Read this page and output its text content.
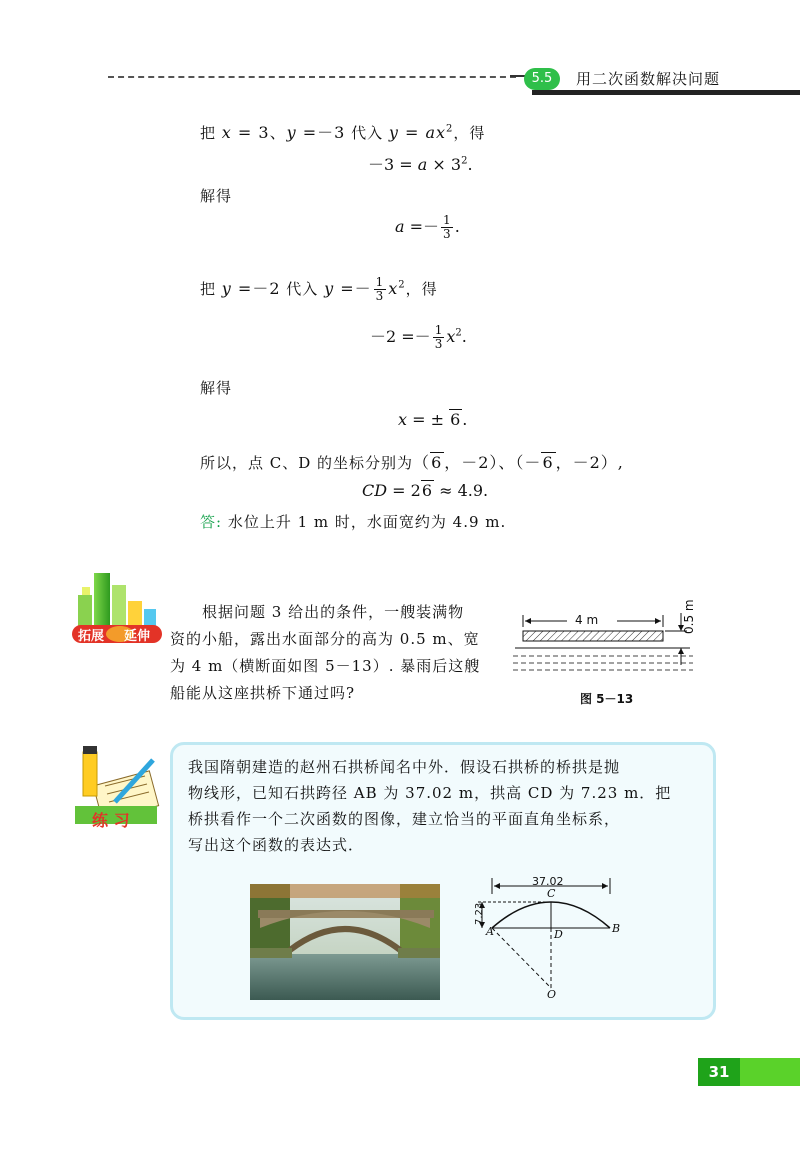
5.5	用二次函数解决问题
把 x = 3、y =－3 代入 $y = ax^2$，得
$-3 = a \times 3^2$.
解得
$a =- \frac{1}{3}$ .
把 y =－2 代入 $y =- \frac{1}{3} x^2$，得
$-2 =- \frac{1}{3} x^2$.
解得
x = ± 6 .
所以，点 C、D 的坐标分别为（6 ，－2）、（－6 ，－2）,
CD = 26 ≈ 4.9.
答: 水位上升 1 m 时，水面宽约为 4.9 m.
拓展 延伸
根据问题 3 给出的条件，一艘装满物
资的小船，露出水面部分的高为 0.5 m、宽
为 4 m（横断面如图 5－13）. 暴雨后这艘
船能从这座拱桥下通过吗?
4 m	0.5 m
图 5－13
练 习
我国隋朝建造的赵州石拱桥闻名中外．假设石拱桥的桥拱是抛
物线形，已知石拱跨径 AB 为 37.02 m，拱高 CD 为 7.23 m．把
桥拱看作一个二次函数的图像，建立恰当的平面直角坐标系，
写出这个函数的表达式．
37.02
7.23
C
A	D	B
O
31
